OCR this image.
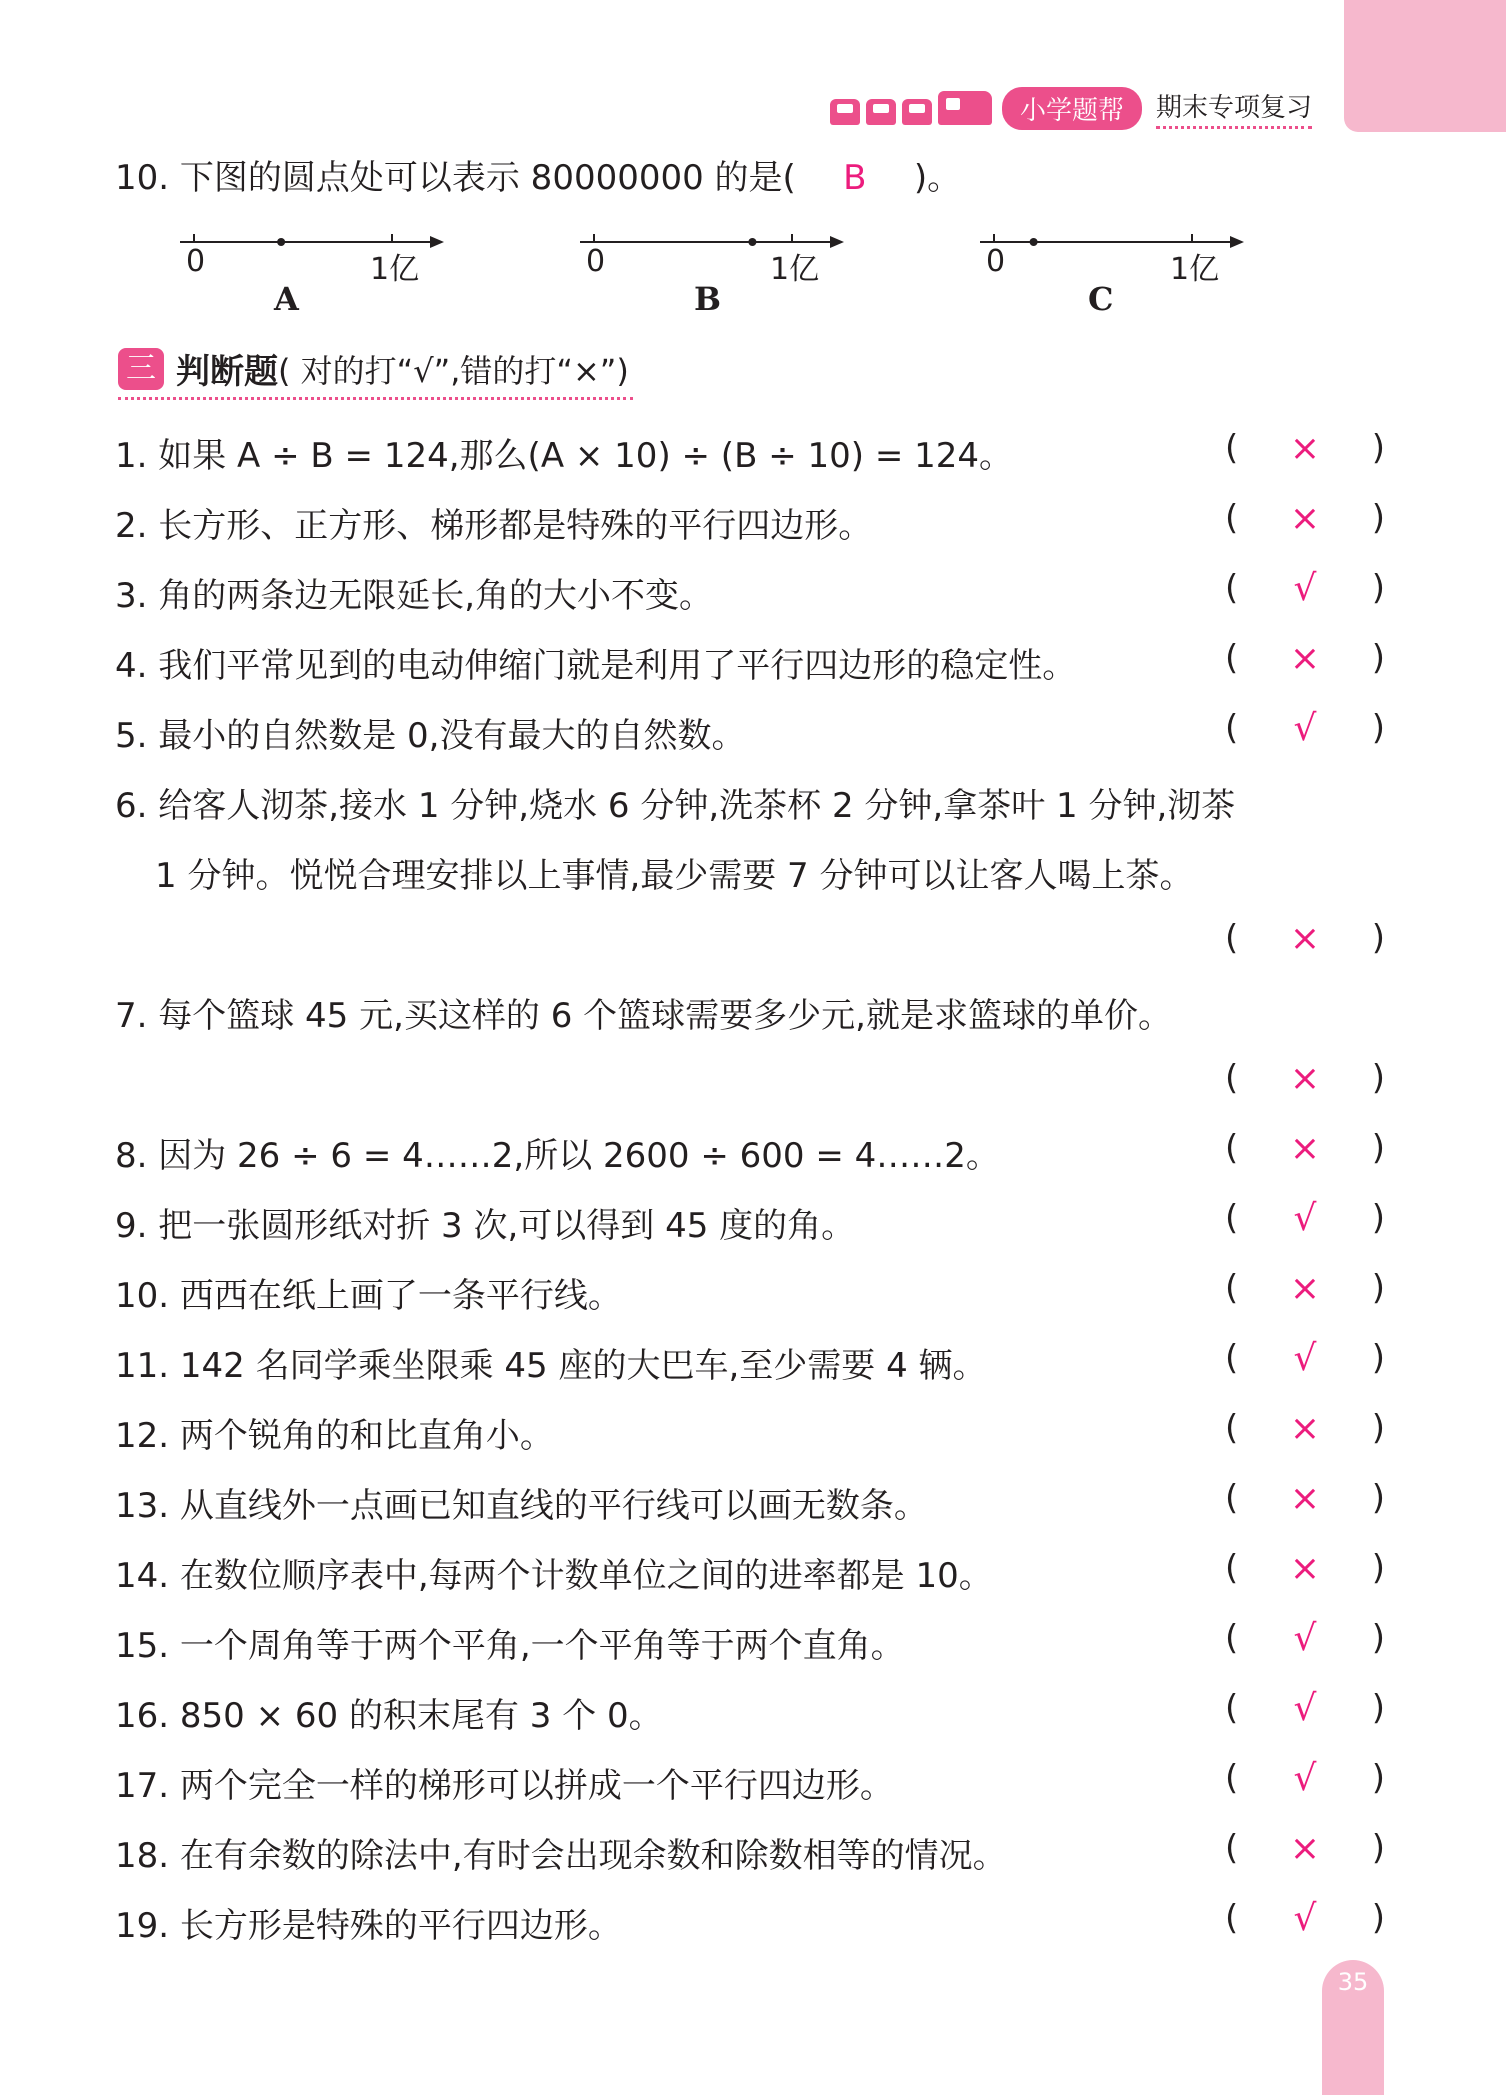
小学题帮	期末专项复习
10. 下图的圆点处可以表示 80000000 的是( B )。
0	1亿
A
0	1亿
B
0	1亿
C
三 判断题 ( 对的打“√”,错的打“×”)
1. 如果 A ÷ B = 124,那么(A × 10) ÷ (B ÷ 10) = 124。	( × )
2. 长方形、正方形、梯形都是特殊的平行四边形。	( × )
3. 角的两条边无限延长,角的大小不变。	( √ )
4. 我们平常见到的电动伸缩门就是利用了平行四边形的稳定性。	( × )
5. 最小的自然数是 0,没有最大的自然数。	( √ )
6. 给客人沏茶,接水 1 分钟,烧水 6 分钟,洗茶杯 2 分钟,拿茶叶 1 分钟,沏茶
1 分钟。悦悦合理安排以上事情,最少需要 7 分钟可以让客人喝上茶。
( × )
7. 每个篮球 45 元,买这样的 6 个篮球需要多少元,就是求篮球的单价。
( × )
8. 因为 26 ÷ 6 = 4……2,所以 2600 ÷ 600 = 4……2。	( × )
9. 把一张圆形纸对折 3 次,可以得到 45 度的角。	( √ )
10. 西西在纸上画了一条平行线。	( × )
11. 142 名同学乘坐限乘 45 座的大巴车,至少需要 4 辆。	( √ )
12. 两个锐角的和比直角小。	( × )
13. 从直线外一点画已知直线的平行线可以画无数条。	( × )
14. 在数位顺序表中,每两个计数单位之间的进率都是 10。	( × )
15. 一个周角等于两个平角,一个平角等于两个直角。	( √ )
16. 850 × 60 的积末尾有 3 个 0。	( √ )
17. 两个完全一样的梯形可以拼成一个平行四边形。	( √ )
18. 在有余数的除法中,有时会出现余数和除数相等的情况。	( × )
19. 长方形是特殊的平行四边形。	( √ )
35
